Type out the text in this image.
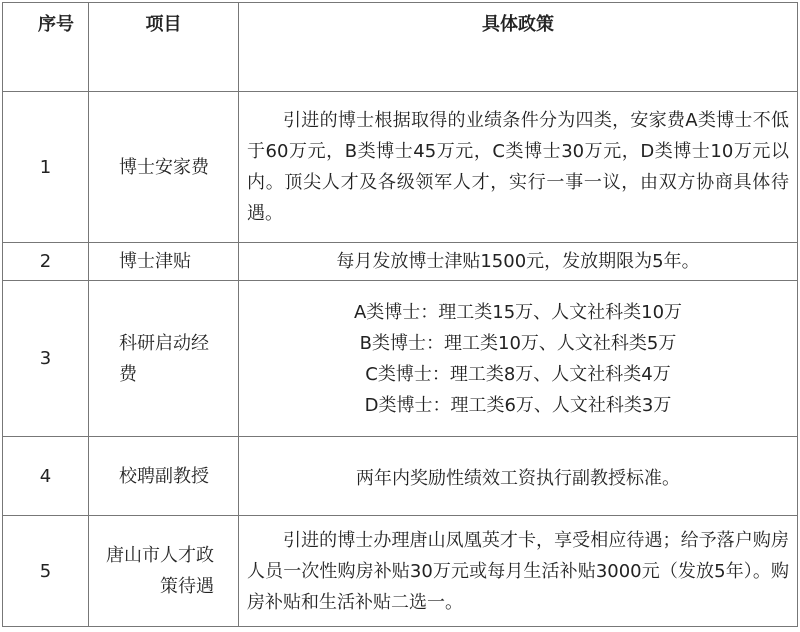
序号	项目	具体政策
1	博士安家费	引进的博士根据取得的业绩条件分为四类，安家费A类博士不低于60万元，B类博士45万元，C类博士30万元，D类博士10万元以内。顶尖人才及各级领军人才，实行一事一议，由双方协商具体待遇。

2	博士津贴	每月发放博士津贴1500元，发放期限为5年。
3	科研启动经费	A类博士：理工类15万、人文社科类10万
B类博士：理工类10万、人文社科类5万
C类博士：理工类8万、人文社科类4万
D类博士：理工类6万、人文社科类3万

4	校聘副教授	两年内奖励性绩效工资执行副教授标准。
5	唐山市人才政策待遇	引进的博士办理唐山凤凰英才卡，享受相应待遇；给予落户购房人员一次性购房补贴30万元或每月生活补贴3000元（发放5年）。购房补贴和生活补贴二选一。
